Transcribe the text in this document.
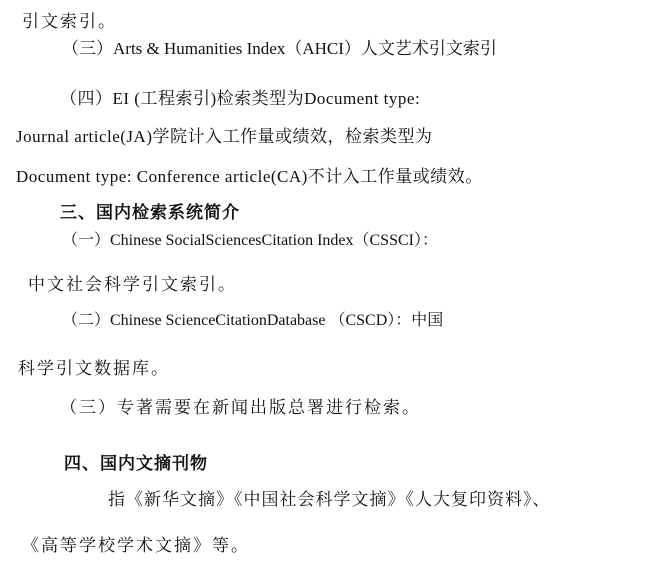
引文索引。
（三）Arts & Humanities Index（AHCI）人文艺术引文索引
（四）EI (工程索引)检索类型为Document type:
Journal article(JA)学院计入工作量或绩效，检索类型为
Document type: Conference article(CA)不计入工作量或绩效。
三、国内检索系统简介
（一）Chinese SocialSciencesCitation Index（CSSCI）：
中文社会科学引文索引。
（二）Chinese ScienceCitationDatabase （CSCD）：中国
科学引文数据库。
（三）专著需要在新闻出版总署进行检索。
四、国内文摘刊物
指《新华文摘》《中国社会科学文摘》《人大复印资料》、
《高等学校学术文摘》等。
